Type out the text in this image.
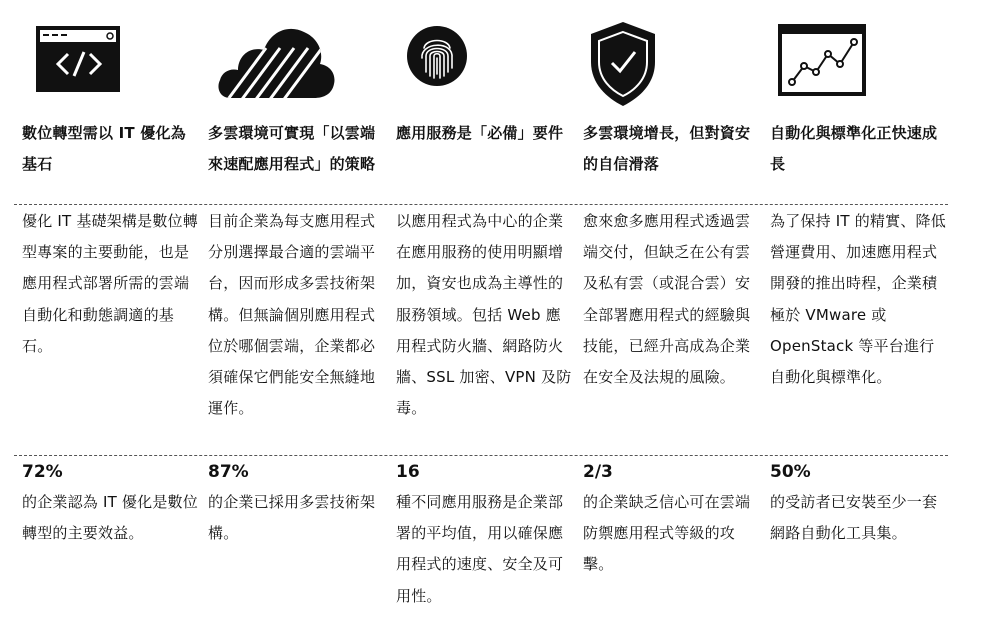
數位轉型需以 IT 優化為基石
優化 IT 基礎架構是數位轉型專案的主要動能，也是應用程式部署所需的雲端自動化和動態調適的基石。
72%
的企業認為 IT 優化是數位轉型的主要效益。
多雲環境可實現「以雲端來速配應用程式」的策略
目前企業為每支應用程式分別選擇最合適的雲端平台，因而形成多雲技術架構。但無論個別應用程式位於哪個雲端，企業都必須確保它們能安全無縫地運作。
87%
的企業已採用多雲技術架構。
應用服務是「必備」要件
以應用程式為中心的企業在應用服務的使用明顯增加，資安也成為主導性的服務領域。包括 Web 應用程式防火牆、網路防火牆、SSL 加密、VPN 及防毒。
16
種不同應用服務是企業部署的平均值，用以確保應用程式的速度、安全及可用性。
多雲環境增長，但對資安的自信滑落
愈來愈多應用程式透過雲端交付，但缺乏在公有雲及私有雲（或混合雲）安全部署應用程式的經驗與技能，已經升高成為企業在安全及法規的風險。
2/3
的企業缺乏信心可在雲端防禦應用程式等級的攻擊。
自動化與標準化正快速成長
為了保持 IT 的精實、降低營運費用、加速應用程式開發的推出時程，企業積極於 VMware 或 OpenStack 等平台進行自動化與標準化。
50%
的受訪者已安裝至少一套網路自動化工具集。
